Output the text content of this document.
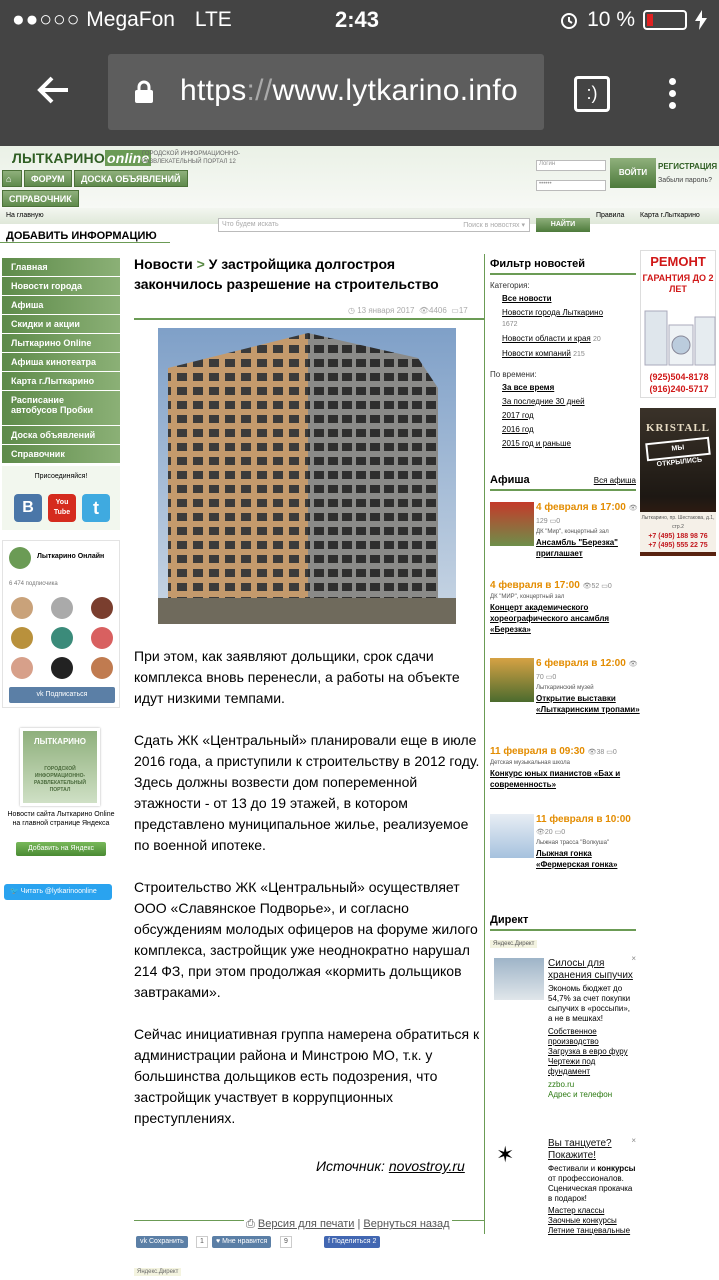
●●○○○ MegaFon LTE	2:43	10 %
https://www.lytkarino.info	:)
ЛЫТКАРИНО online
ГОРОДСКОЙ ИНФОРМАЦИОННО-РАЗВЛЕКАТЕЛЬНЫЙ ПОРТАЛ 12
⌂	ФОРУМ	ДОСКА ОБЪЯВЛЕНИЙ
СПРАВОЧНИК
Логин
••••••
ВОЙТИ
РЕГИСТРАЦИЯ
Забыли пароль?
На главную	Правила Карта г.Лыткарино
Что будем искать	Поиск в новостях ▾	НАЙТИ
ДОБАВИТЬ ИНФОРМАЦИЮ
Главная
Новости города
Афиша
Скидки и акции
Лыткарино Online
Афиша кинотеатра
Карта г.Лыткарино
Расписание автобусов Пробки
Доска объявлений
Справочник
Присоединяйся!
B	You Tube	t
Лыткарино Онлайн
6 474 подписчика
vk Подписаться
ЛЫТКАРИНО
ГОРОДСКОЙ ИНФОРМАЦИОННО-РАЗВЛЕКАТЕЛЬНЫЙ ПОРТАЛ
Новости сайта Лыткарино Online на главной странице Яндекса
Добавить на Яндекс
🐦 Читать @lytkarinoonline
Новости > У застройщика долгостроя закончилось разрешение на строительство
◷ 13 января 2017 👁4406 ▭17

При этом, как заявляют дольщики, срок сдачи комплекса вновь перенесли, а работы на объекте идут низкими темпами.

Сдать ЖК «Центральный» планировали еще в июле 2016 года, а приступили к строительству в 2012 году. Здесь должны возвести дом попеременной этажности - от 13 до 19 этажей, в котором представлено муниципальное жилье, реализуемое по военной ипотеке.

Строительство ЖК «Центральный» осуществляет ООО «Славянское Подворье», и согласно обсуждениям молодых офицеров на форуме жилого комплекса, застройщик уже неоднократно нарушал 214 ФЗ, при этом продолжая «кормить дольщиков завтраками».

Сейчас инициативная группа намерена обратиться к администрации района и Минстрою МО, т.к. у большинства дольщиков есть подозрения, что застройщик участвует в коррупционных преступлениях.

Источник: novostroy.ru
⎙ Версия для печати | Вернуться назад
vk Сохранить	1	♥ Мне нравится	9	f Поделиться 2
Яндекс.Директ
Фильтр новостей
Категория:
Все новости
Новости города Лыткарино
1672
Новости области и края 20
Новости компаний 215
По времени:
За все время
За последние 30 дней
2017 год
2016 год
2015 год и раньше
Афиша	Вся афиша
4 февраля в 17:00 👁129 ▭0
ДК "Мир", концертный зал
Ансамбль "Березка" приглашает
4 февраля в 17:00 👁52 ▭0
ДК "МИР", концертный зал
Концерт академического хореографического ансамбля «Березка»
6 февраля в 12:00 👁70 ▭0
Лыткаринский музей
Открытие выставки «Лыткаринским тропами»
11 февраля в 09:30 👁38 ▭0
Детская музыкальная школа
Конкурс юных пианистов «Бах и современность»
11 февраля в 10:00 👁20 ▭0
Лыжная трасса "Волкуша"
Лыжная гонка «Фермерская гонка»
Директ
Яндекс.Директ
×
Силосы для хранения сыпучих
Экономь бюджет до 54,7% за счет покупки сыпучих в «россыпи», а не в мешках!
Собственное производство
Загрузка в евро фуру
Чертежи под фундамент
zzbo.ru
Адрес и телефон
×
✶	Вы танцуете? Покажите!
Фестивали и конкурсы от профессионалов. Сценическая прокачка в подарок!
Мастер классы
Заочные конкурсы
Летние танцевальные
РЕМОНТ
ГАРАНТИЯ ДО 2 ЛЕТ
(925)504-8178
(916)240-5717
KRISTALL
МЫ ОТКРЫЛИСЬ
Лыткарино, пр. Шестакова, д.1, стр.2
+7 (495) 188 98 76
+7 (495) 555 22 75
